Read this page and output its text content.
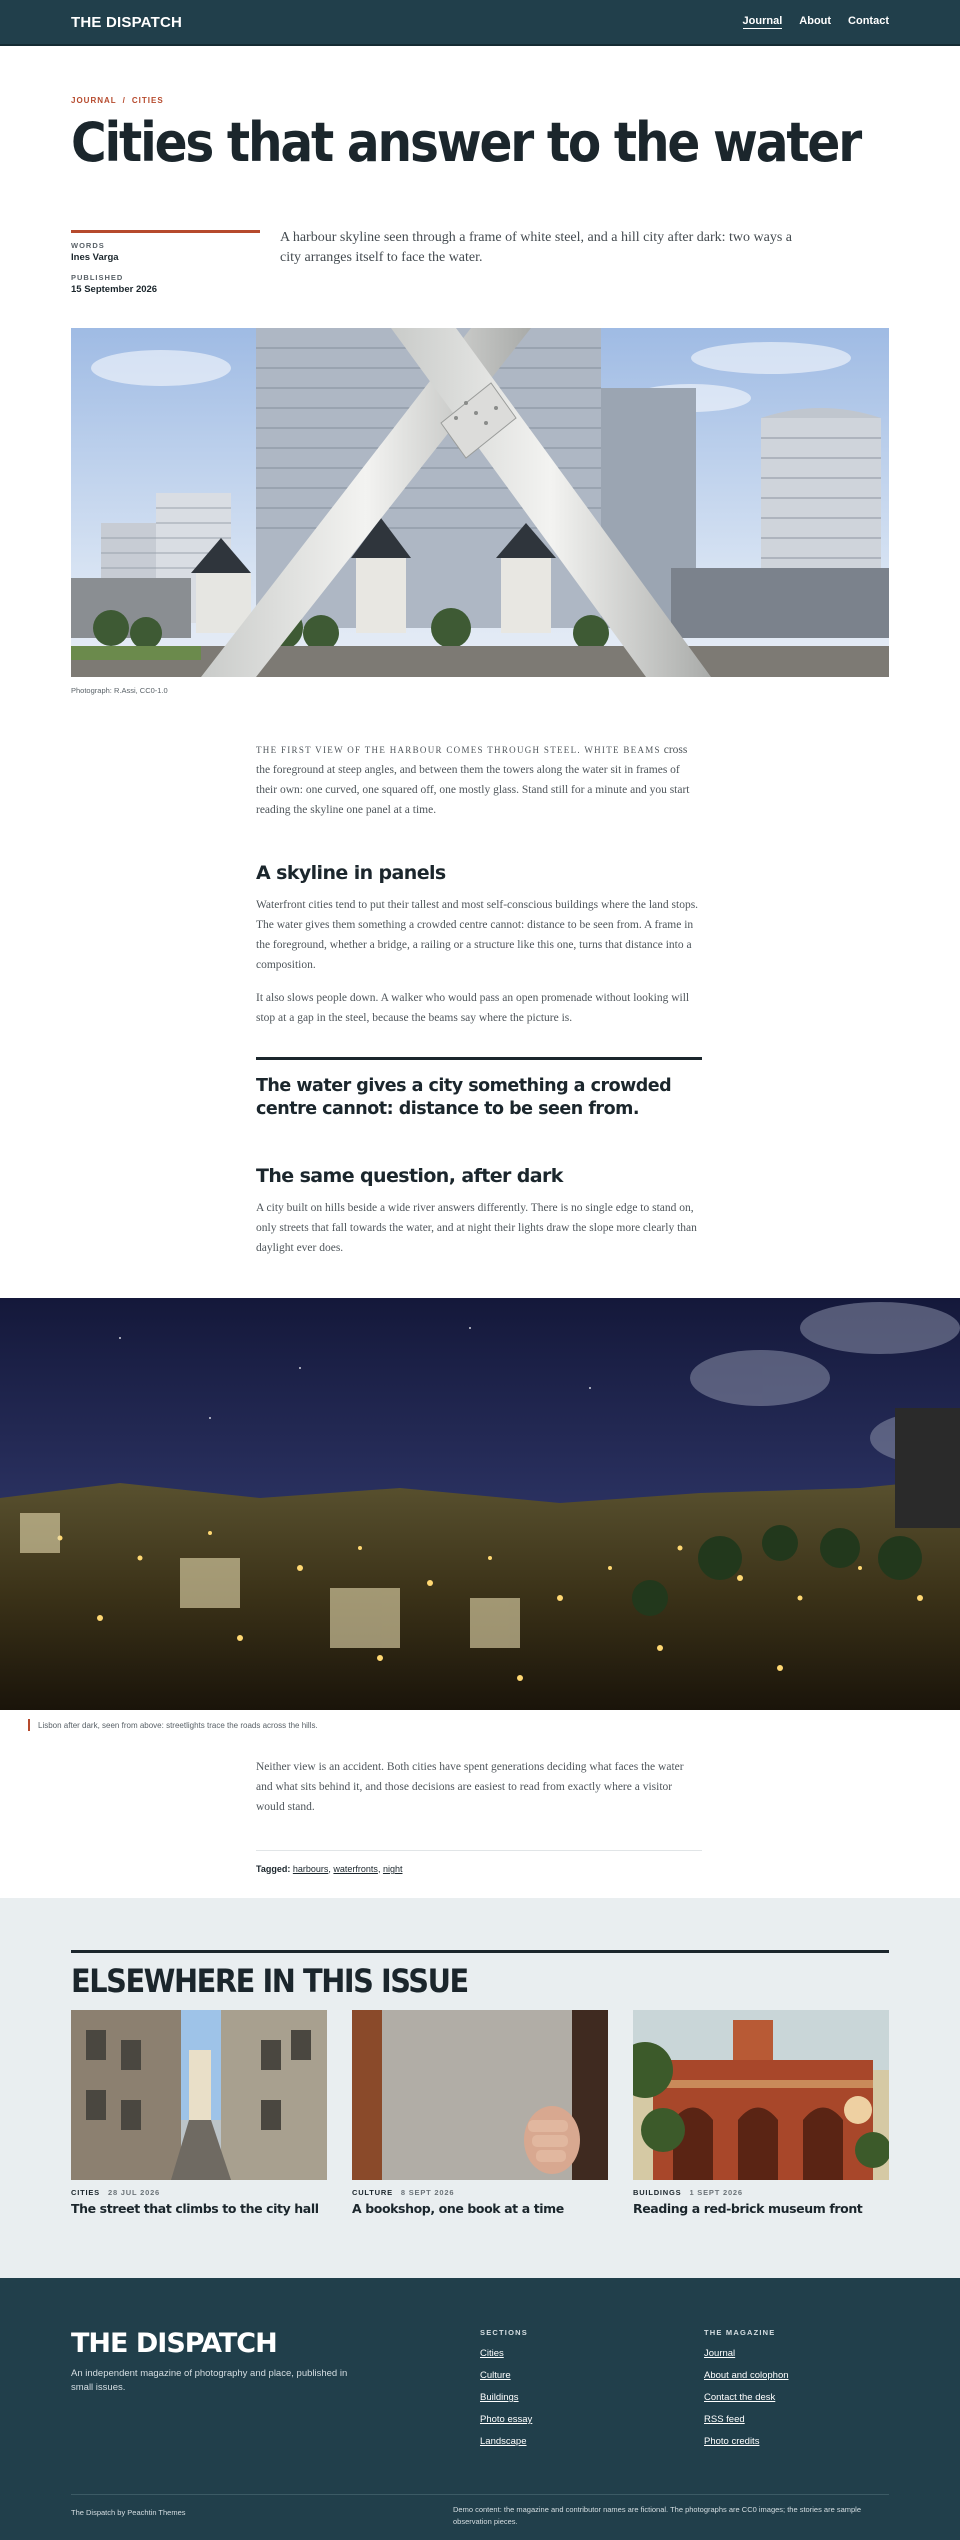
THE DISPATCH	Journal About Contact
JOURNAL / CITIES
Cities that answer to the water
WORDS
Ines Varga
PUBLISHED
15 September 2026

A harbour skyline seen through a frame of white steel, and a hill city after dark: two ways a city arranges itself to face the water.

Photograph: R.Assi, CC0-1.0

THE FIRST VIEW OF THE HARBOUR COMES THROUGH STEEL. WHITE BEAMS cross the foreground at steep angles, and between them the towers along the water sit in frames of their own: one curved, one squared off, one mostly glass. Stand still for a minute and you start reading the skyline one panel at a time.

A skyline in panels

Waterfront cities tend to put their tallest and most self-conscious buildings where the land stops. The water gives them something a crowded centre cannot: distance to be seen from. A frame in the foreground, whether a bridge, a railing or a structure like this one, turns that distance into a composition.

It also slows people down. A walker who would pass an open promenade without looking will stop at a gap in the steel, because the beams say where the picture is.

The water gives a city something a crowded centre cannot: distance to be seen from.

The same question, after dark

A city built on hills beside a wide river answers differently. There is no single edge to stand on, only streets that fall towards the water, and at night their lights draw the slope more clearly than daylight ever does.

Lisbon after dark, seen from above: streetlights trace the roads across the hills.

Neither view is an accident. Both cities have spent generations deciding what faces the water and what sits behind it, and those decisions are easiest to read from exactly where a visitor would stand.

Tagged: harbours, waterfronts, night
ELSEWHERE IN THIS ISSUE
CITIES 28 JUL 2026
The street that climbs to the city hall
CULTURE 8 SEPT 2026
A bookshop, one book at a time
BUILDINGS 1 SEPT 2026
Reading a red-brick museum front
THE DISPATCH

An independent magazine of photography and place, published in small issues.

SECTIONS
Cities
Culture
Buildings
Photo essay
Landscape
THE MAGAZINE
Journal
About and colophon
Contact the desk
RSS feed
Photo credits

The Dispatch by Peachtin Themes	Demo content: the magazine and contributor names are fictional. The photographs are CC0 images; the stories are sample observation pieces.
